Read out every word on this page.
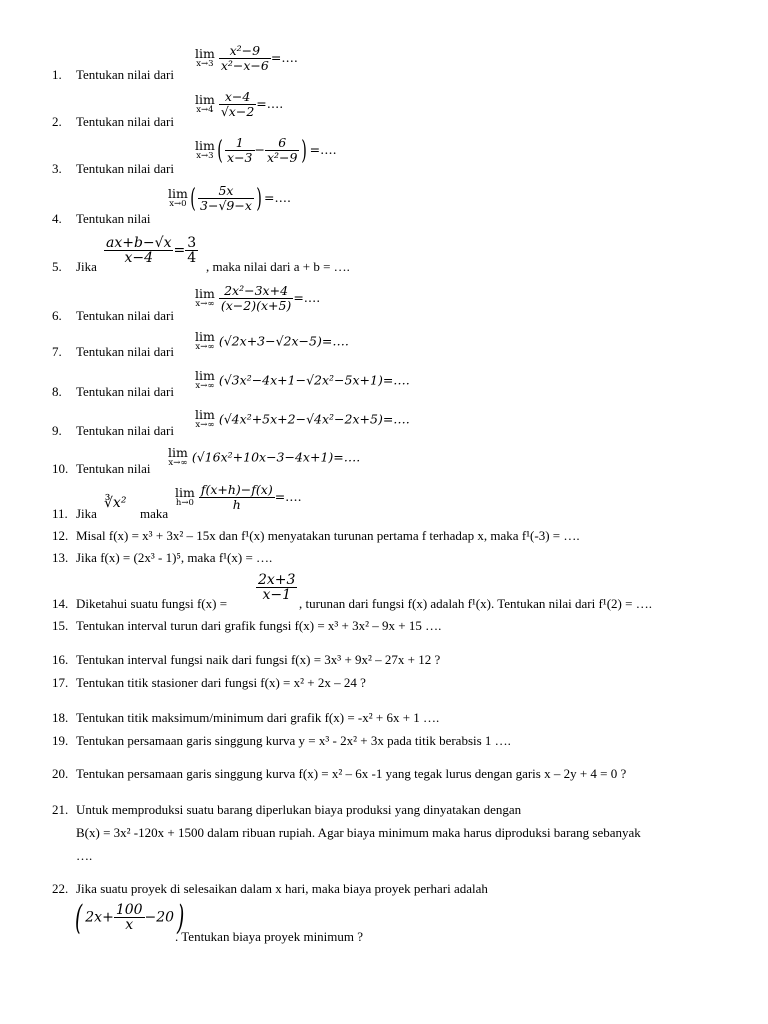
lim
x→3
$\frac{\text{x²−9}}{\text{x²−x−6}}$ =….
1. Tentukan nilai dari
lim
x→4
$\frac{x-4}{√x-2}$ =….
2. Tentukan nilai dari
lim
x→3 ( $\frac{1}{x-3} - \frac{6}{\text{x²−9}}$ ) =….
3. Tentukan nilai dari
lim
x→0 ( $\frac{5x}{3-√9-x}$ ) =….
4. Tentukan nilai
$\frac{ax+b-√x}{x-4} = \frac{3}{4}$
5. Jika	, maka nilai dari a + b = ….
lim
x→∞
$\frac{\text{2x²−3x+4}}{(x-2)(x+5)}$ =….
6. Tentukan nilai dari
lim
x→∞ (√2x+3−√2x−5)=….
7. Tentukan nilai dari
lim
x→∞ (√3x²−4x+1−√2x²−5x+1)=….
8. Tentukan nilai dari
lim
x→∞ (√4x²+5x+2−√4x²−2x+5)=….
9. Tentukan nilai dari
lim
x→∞ (√16x²+10x−3−4x+1)=….
10. Tentukan nilai
∛x²
lim
h→0
$\frac{f(x+h)-f(x)}{h}$ =….
11. Jika	maka
12. Misal f(x) = x³ + 3x² – 15x dan f¹(x) menyatakan turunan pertama f terhadap x, maka f¹(-3) = ….
13. Jika f(x) = (2x³ - 1)⁵, maka f¹(x) = ….
$\frac{2x+3}{x-1}$
14. Diketahui suatu fungsi f(x) =	, turunan dari fungsi f(x) adalah f¹(x). Tentukan nilai dari f¹(2) = ….
15. Tentukan interval turun dari grafik fungsi f(x) = x³ + 3x² – 9x + 15 ….
16. Tentukan interval fungsi naik dari fungsi f(x) = 3x³ + 9x² – 27x + 12 ?
17. Tentukan titik stasioner dari fungsi f(x) = x² + 2x – 24 ?
18. Tentukan titik maksimum/minimum dari grafik f(x) = -x² + 6x + 1 ….
19. Tentukan persamaan garis singgung kurva y = x³ - 2x² + 3x pada titik berabsis 1 ….
20. Tentukan persamaan garis singgung kurva f(x) = x² – 6x -1 yang tegak lurus dengan garis x – 2y + 4 = 0 ?
21. Untuk memproduksi suatu barang diperlukan biaya produksi yang dinyatakan dengan
B(x) = 3x² -120x + 1500 dalam ribuan rupiah. Agar biaya minimum maka harus diproduksi barang sebanyak
….
22. Jika suatu proyek di selesaikan dalam x hari, maka biaya proyek perhari adalah
( $2x+ \frac{100}{x} -20$)
. Tentukan biaya proyek minimum ?
